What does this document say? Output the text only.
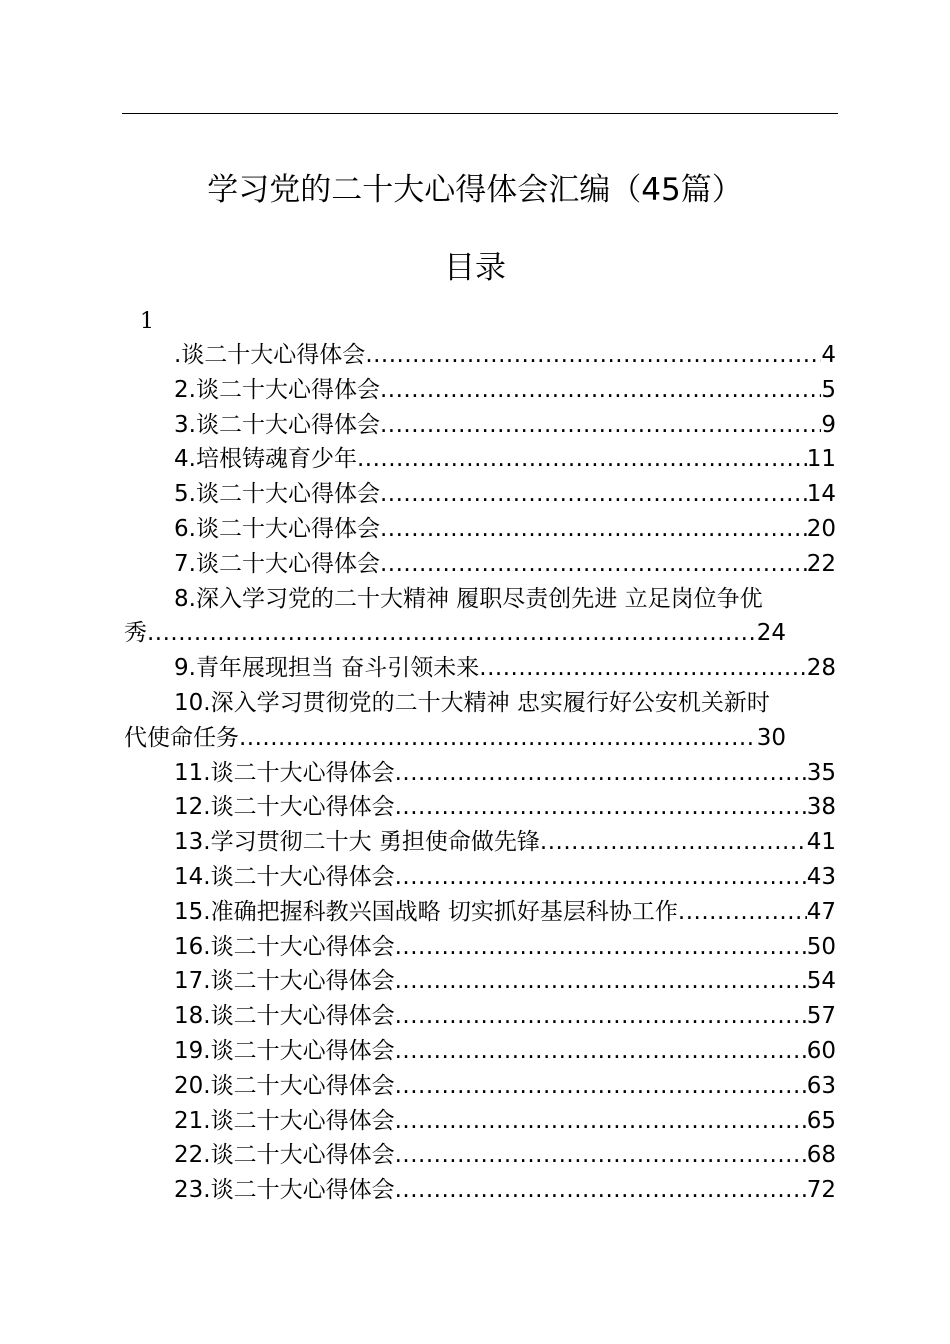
学习党的二十大心得体会汇编（45篇）
目录
1
.谈二十大心得体会 .....	4
2.谈二十大心得体会 .....	5
3.谈二十大心得体会 .....	9
4.培根铸魂育少年 .....	11
5.谈二十大心得体会 .....	14
6.谈二十大心得体会 .....	20
7.谈二十大心得体会 .....	22
8.深入学习党的二十大精神 履职尽责创先进 立足岗位争优
秀 .....	24
9.青年展现担当 奋斗引领未来 .....	28
10.深入学习贯彻党的二十大精神 忠实履行好公安机关新时
代使命任务 .....	30
11.谈二十大心得体会 .....	35
12.谈二十大心得体会 .....	38
13.学习贯彻二十大 勇担使命做先锋 .....	41
14.谈二十大心得体会 .....	43
15.准确把握科教兴国战略 切实抓好基层科协工作 .....	47
16.谈二十大心得体会 .....	50
17.谈二十大心得体会 .....	54
18.谈二十大心得体会 .....	57
19.谈二十大心得体会 .....	60
20.谈二十大心得体会 .....	63
21.谈二十大心得体会 .....	65
22.谈二十大心得体会 .....	68
23.谈二十大心得体会 .....	72
